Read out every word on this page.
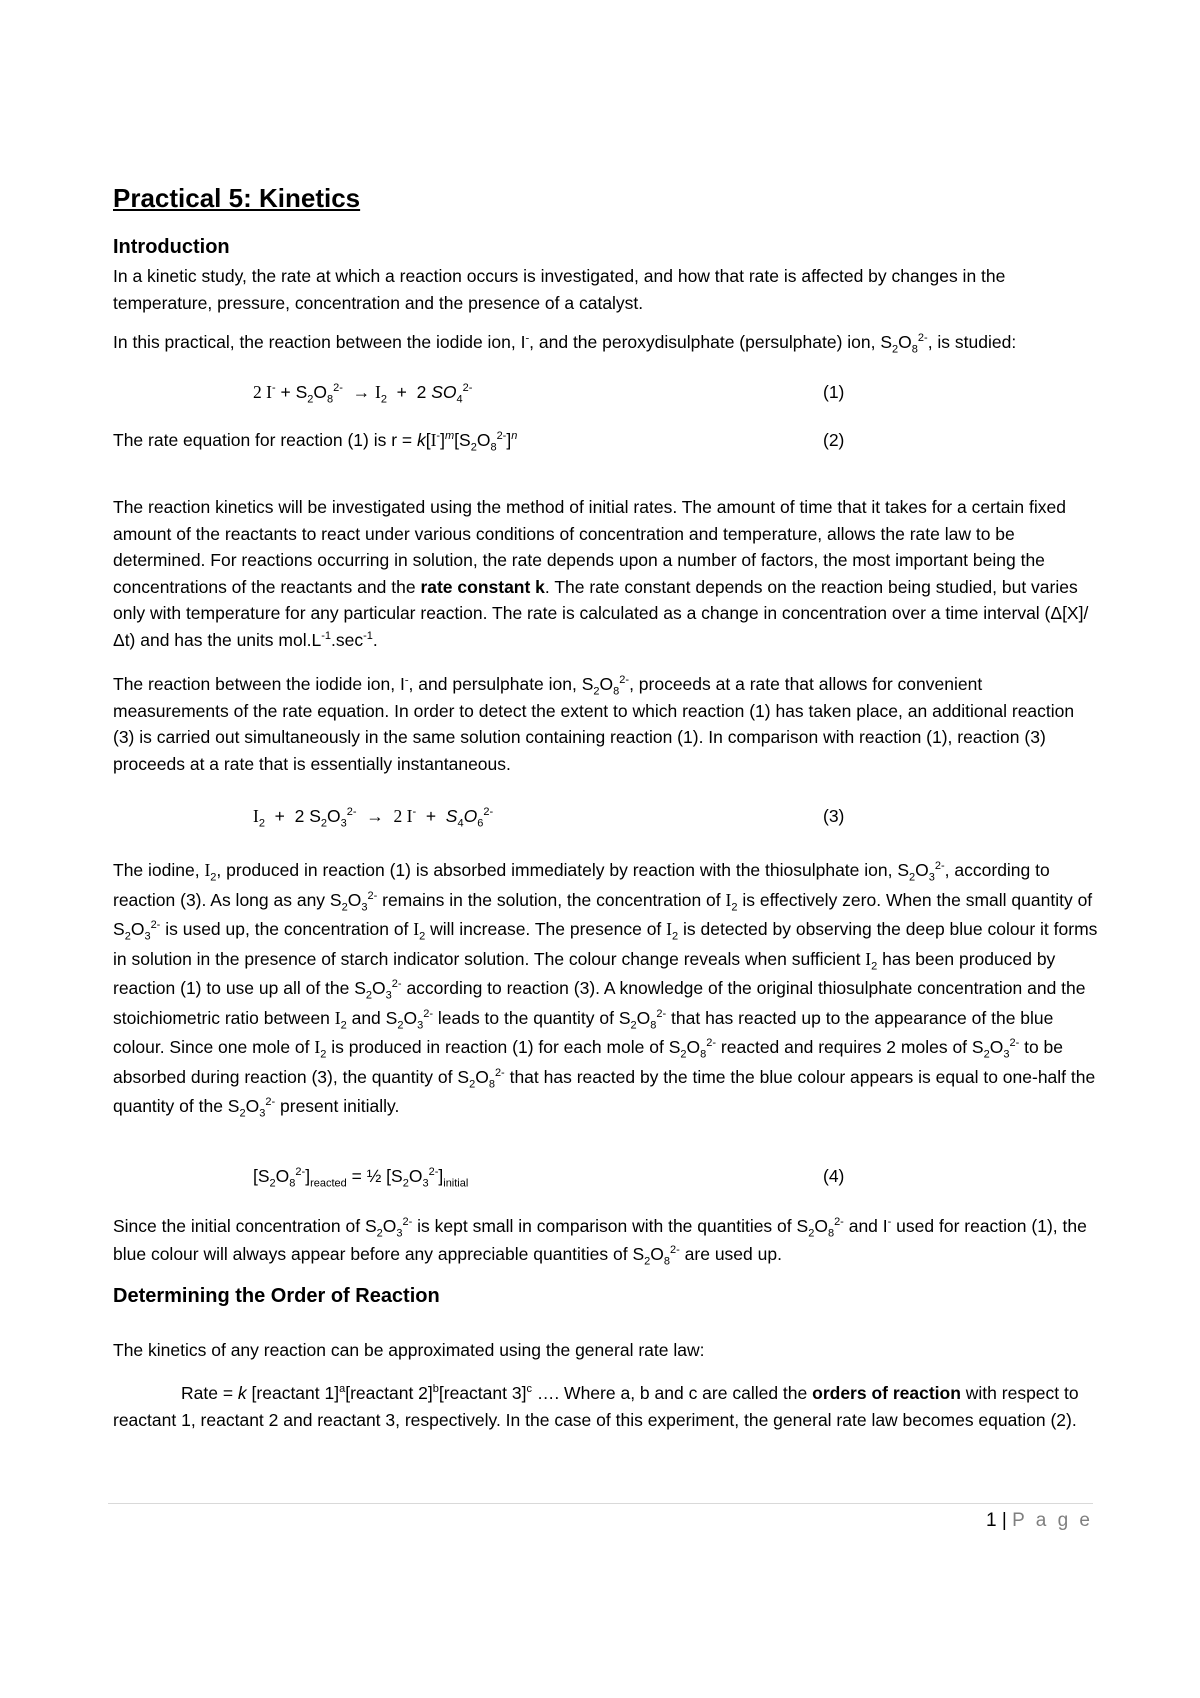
Practical 5: Kinetics
Introduction

In a kinetic study, the rate at which a reaction occurs is investigated, and how that rate is affected by changes in the temperature, pressure, concentration and the presence of a catalyst.

In this practical, the reaction between the iodide ion, I-, and the peroxydisulphate (persulphate) ion, $S_2O_8^{2-}$, is studied:

2 $I^- + S_2O_8^{2-} \to I_2 + 2$ $SO_4^{2-}$	(1)
The rate equation for reaction (1) is $r = k[I^-]^m[S_2O_8^{2-}]^n$	(2)

The reaction kinetics will be investigated using the method of initial rates. The amount of time that it takes for a certain fixed amount of the reactants to react under various conditions of concentration and temperature, allows the rate law to be determined. For reactions occurring in solution, the rate depends upon a number of factors, the most important being the concentrations of the reactants and the rate constant k. The rate constant depends on the reaction being studied, but varies only with temperature for any particular reaction. The rate is calculated as a change in concentration over a time interval (Δ[X]/Δt) and has the units $mol.L^{-1}.\sec^{-1}$.

The reaction between the iodide ion, I-, and persulphate ion, $S_2O_8^{2-}$, proceeds at a rate that allows for convenient measurements of the rate equation. In order to detect the extent to which reaction (1) has taken place, an additional reaction (3) is carried out simultaneously in the same solution containing reaction (1). In comparison with reaction (1), reaction (3) proceeds at a rate that is essentially instantaneous.

$I_2 + 2$ $S_2O_3^{2-} \to 2$ $I^- + S_4O_6^{2-}$	(3)

The iodine, $I_2$, produced in reaction (1) is absorbed immediately by reaction with the thiosulphate ion, $S_2O_3^{2-}$, according to reaction (3). As long as any $S_2O_3^{2-}$ remains in the solution, the concentration of $I_2$ is effectively zero. When the small quantity of $S_2O_3^{2-}$ is used up, the concentration of $I_2$ will increase. The presence of $I_2$ is detected by observing the deep blue colour it forms in solution in the presence of starch indicator solution. The colour change reveals when sufficient $I_2$ has been produced by reaction (1) to use up all of the $S_2O_3^{2-}$ according to reaction (3). A knowledge of the original thiosulphate concentration and the stoichiometric ratio between $I_2$ and $S_2O_3^{2-}$ leads to the quantity of $S_2O_8^{2-}$ that has reacted up to the appearance of the blue colour. Since one mole of $I_2$ is produced in reaction (1) for each mole of $S_2O_8^{2-}$ reacted and requires 2 moles of $S_2O_3^{2-}$ to be absorbed during reaction (3), the quantity of $S_2O_8^{2-}$ that has reacted by the time the blue colour appears is equal to one-half the quantity of the $S_2O_3^{2-}$ present initially.

$[S_2O_8^{2-}]_{reacted}$ = ½ $[S_2O_3^{2-}]_{initial}$	(4)

Since the initial concentration of $S_2O_3^{2-}$ is kept small in comparison with the quantities of $S_2O_8^{2-}$ and I- used for reaction (1), the blue colour will always appear before any appreciable quantities of $S_2O_8^{2-}$ are used up.

Determining the Order of Reaction

The kinetics of any reaction can be approximated using the general rate law:

Rate = k [reactant 1]$^a$[reactant 2]$^b$[reactant 3]$^c$ …. Where a, b and c are called the orders of reaction with respect to reactant 1, reactant 2 and reactant 3, respectively. In the case of this experiment, the general rate law becomes equation (2).

1 | P a g e
